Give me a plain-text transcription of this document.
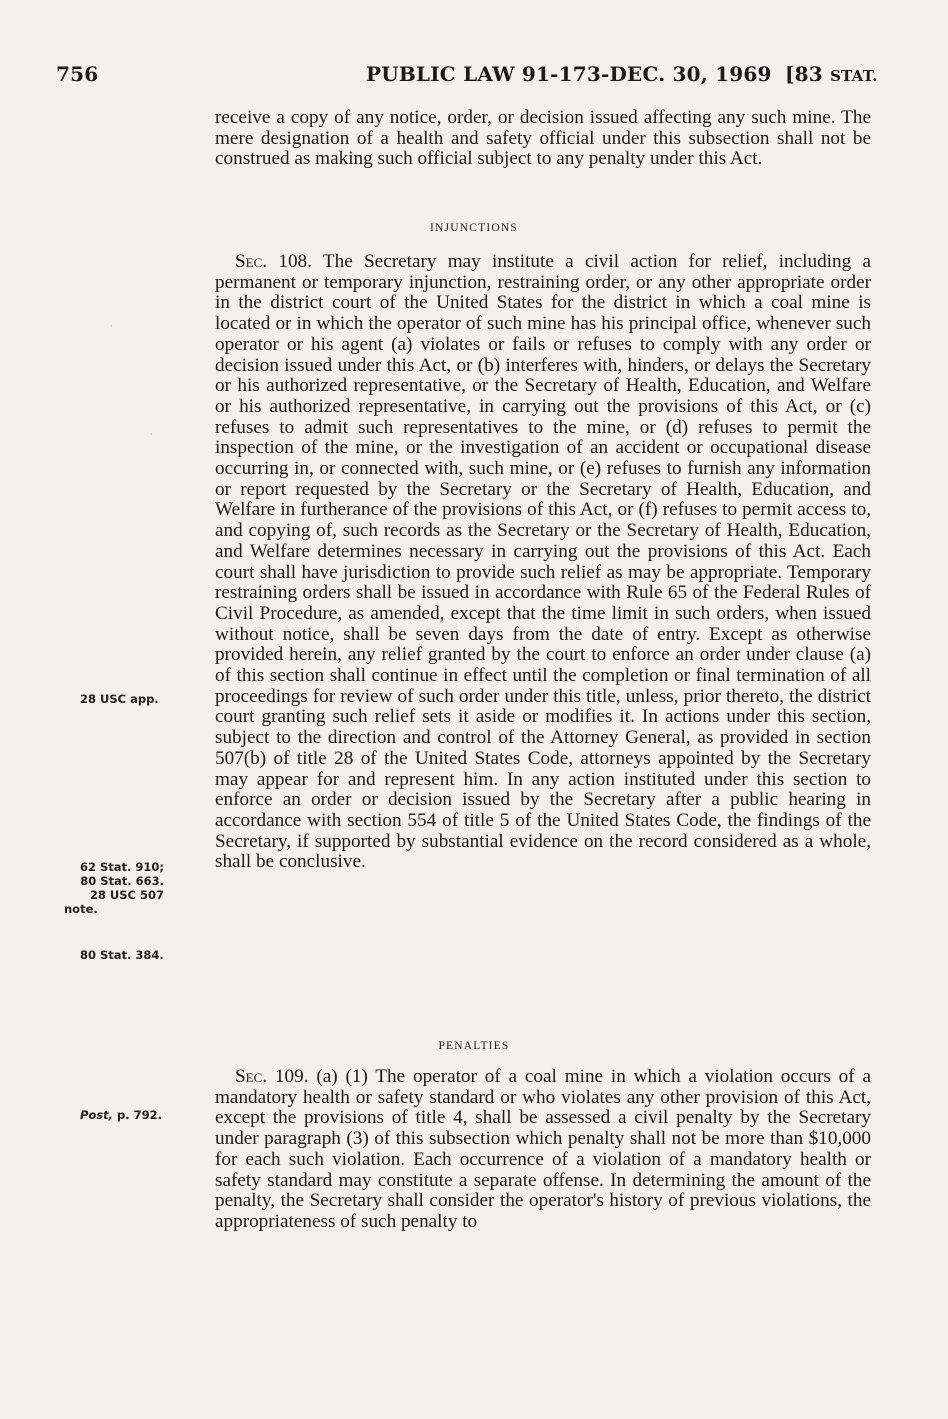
756	PUBLIC LAW 91-173-DEC. 30, 1969 [83 STAT.
·
·

receive a copy of any notice, order, or decision issued affecting any such mine. The mere designation of a health and safety official under this subsection shall not be construed as making such official subject to any penalty under this Act.

INJUNCTIONS

Sec. 108. The Secretary may institute a civil action for relief, including a permanent or temporary injunction, restraining order, or any other appropriate order in the district court of the United States for the district in which a coal mine is located or in which the operator of such mine has his principal office, whenever such operator or his agent (a) violates or fails or refuses to comply with any order or decision issued under this Act, or (b) interferes with, hinders, or delays the Secretary or his authorized representative, or the Secretary of Health, Education, and Welfare or his authorized representative, in carrying out the provisions of this Act, or (c) refuses to admit such representatives to the mine, or (d) refuses to permit the inspection of the mine, or the investigation of an accident or occupational disease occurring in, or connected with, such mine, or (e) refuses to furnish any information or report requested by the Secretary or the Secretary of Health, Education, and Welfare in furtherance of the provisions of this Act, or (f) refuses to permit access to, and copying of, such records as the Secretary or the Secretary of Health, Education, and Welfare determines necessary in carrying out the provisions of this Act. Each court shall have jurisdiction to provide such relief as may be appropriate. Temporary restraining orders shall be issued in accordance with Rule 65 of the Federal Rules of Civil Procedure, as amended, except that the time limit in such orders, when issued without notice, shall be seven days from the date of entry. Except as otherwise provided herein, any relief granted by the court to enforce an order under clause (a) of this section shall continue in effect until the completion or final termination of all proceedings for review of such order under this title, unless, prior thereto, the district court granting such relief sets it aside or modifies it. In actions under this section, subject to the direction and control of the Attorney General, as provided in section 507(b) of title 28 of the United States Code, attorneys appointed by the Secretary may appear for and represent him. In any action instituted under this section to enforce an order or decision issued by the Secretary after a public hearing in accordance with section 554 of title 5 of the United States Code, the findings of the Secretary, if supported by substantial evidence on the record considered as a whole, shall be conclusive.

PENALTIES

Sec. 109. (a) (1) The operator of a coal mine in which a violation occurs of a mandatory health or safety standard or who violates any other provision of this Act, except the provisions of title 4, shall be assessed a civil penalty by the Secretary under paragraph (3) of this subsection which penalty shall not be more than $10,000 for each such violation. Each occurrence of a violation of a mandatory health or safety standard may constitute a separate offense. In determining the amount of the penalty, the Secretary shall consider the operator's history of previous violations, the appropriateness of such penalty to

28 USC app.
62 Stat. 910;
80 Stat. 663.
28 USC 507
note.
80 Stat. 384.
Post, p. 792.
